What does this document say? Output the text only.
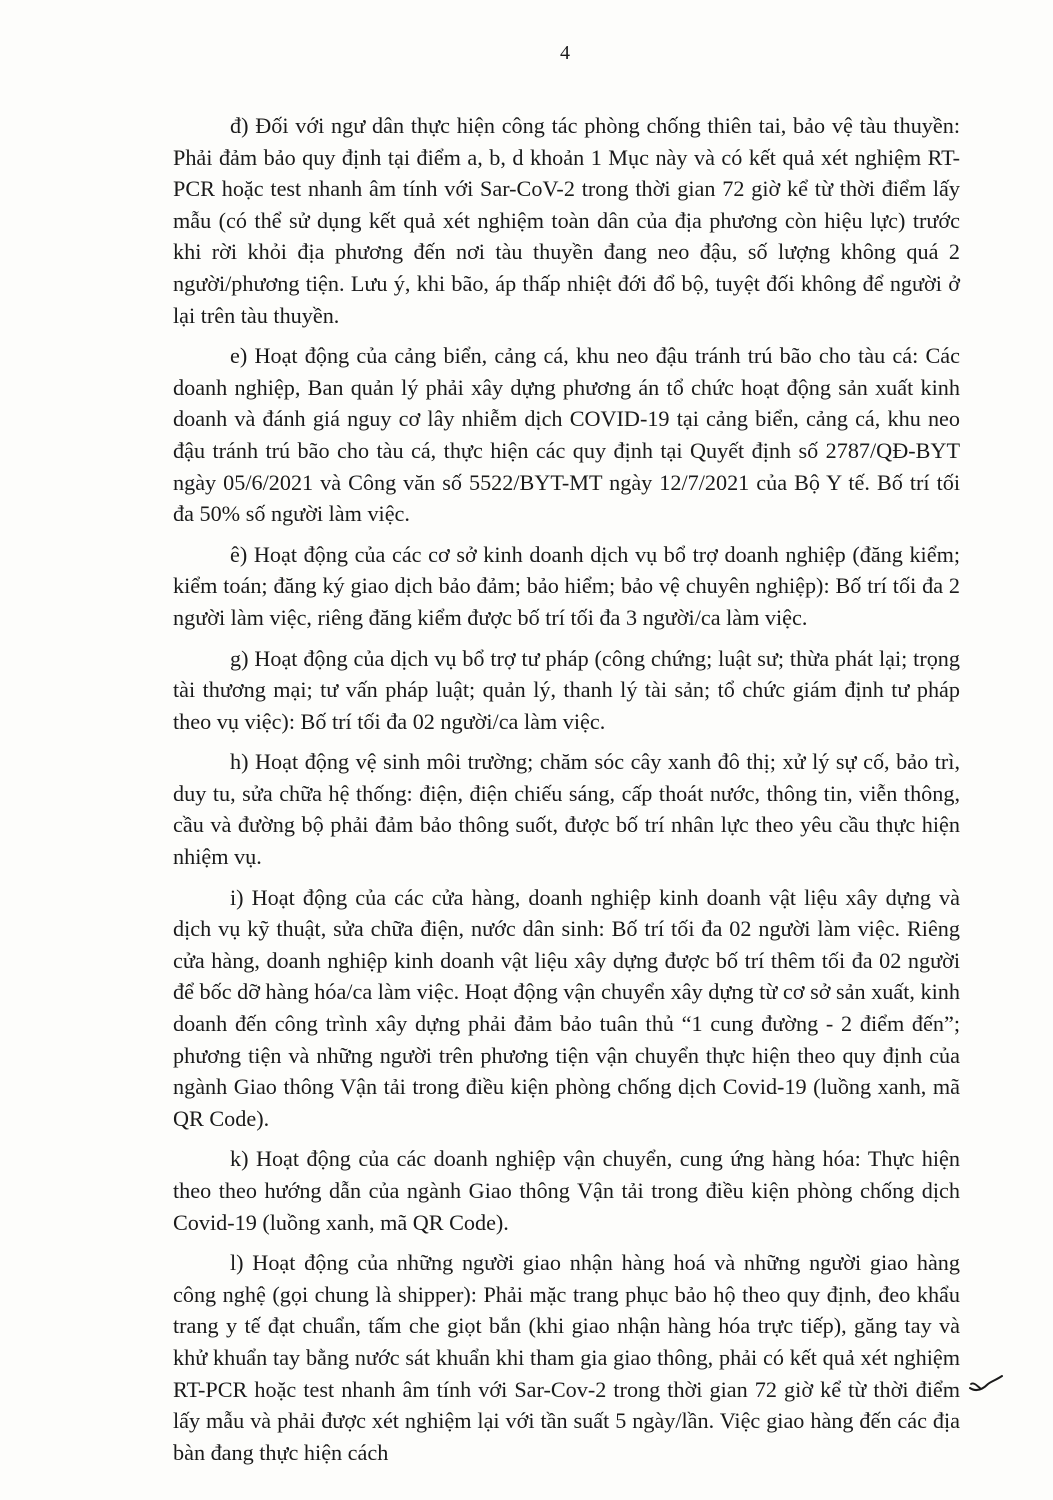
4

đ) Đối với ngư dân thực hiện công tác phòng chống thiên tai, bảo vệ tàu thuyền: Phải đảm bảo quy định tại điểm a, b, d khoản 1 Mục này và có kết quả xét nghiệm RT-PCR hoặc test nhanh âm tính với Sar-CoV-2 trong thời gian 72 giờ kể từ thời điểm lấy mẫu (có thể sử dụng kết quả xét nghiệm toàn dân của địa phương còn hiệu lực) trước khi rời khỏi địa phương đến nơi tàu thuyền đang neo đậu, số lượng không quá 2 người/phương tiện. Lưu ý, khi bão, áp thấp nhiệt đới đổ bộ, tuyệt đối không để người ở lại trên tàu thuyền.

e) Hoạt động của cảng biển, cảng cá, khu neo đậu tránh trú bão cho tàu cá: Các doanh nghiệp, Ban quản lý phải xây dựng phương án tổ chức hoạt động sản xuất kinh doanh và đánh giá nguy cơ lây nhiễm dịch COVID-19 tại cảng biển, cảng cá, khu neo đậu tránh trú bão cho tàu cá, thực hiện các quy định tại Quyết định số 2787/QĐ-BYT ngày 05/6/2021 và Công văn số 5522/BYT-MT ngày 12/7/2021 của Bộ Y tế. Bố trí tối đa 50% số người làm việc.

ê) Hoạt động của các cơ sở kinh doanh dịch vụ bổ trợ doanh nghiệp (đăng kiểm; kiểm toán; đăng ký giao dịch bảo đảm; bảo hiểm; bảo vệ chuyên nghiệp): Bố trí tối đa 2 người làm việc, riêng đăng kiểm được bố trí tối đa 3 người/ca làm việc.

g) Hoạt động của dịch vụ bổ trợ tư pháp (công chứng; luật sư; thừa phát lại; trọng tài thương mại; tư vấn pháp luật; quản lý, thanh lý tài sản; tổ chức giám định tư pháp theo vụ việc): Bố trí tối đa 02 người/ca làm việc.

h) Hoạt động vệ sinh môi trường; chăm sóc cây xanh đô thị; xử lý sự cố, bảo trì, duy tu, sửa chữa hệ thống: điện, điện chiếu sáng, cấp thoát nước, thông tin, viễn thông, cầu và đường bộ phải đảm bảo thông suốt, được bố trí nhân lực theo yêu cầu thực hiện nhiệm vụ.

i) Hoạt động của các cửa hàng, doanh nghiệp kinh doanh vật liệu xây dựng và dịch vụ kỹ thuật, sửa chữa điện, nước dân sinh: Bố trí tối đa 02 người làm việc. Riêng cửa hàng, doanh nghiệp kinh doanh vật liệu xây dựng được bố trí thêm tối đa 02 người để bốc dỡ hàng hóa/ca làm việc. Hoạt động vận chuyển xây dựng từ cơ sở sản xuất, kinh doanh đến công trình xây dựng phải đảm bảo tuân thủ “1 cung đường - 2 điểm đến”; phương tiện và những người trên phương tiện vận chuyển thực hiện theo quy định của ngành Giao thông Vận tải trong điều kiện phòng chống dịch Covid-19 (luồng xanh, mã QR Code).

k) Hoạt động của các doanh nghiệp vận chuyển, cung ứng hàng hóa: Thực hiện theo theo hướng dẫn của ngành Giao thông Vận tải trong điều kiện phòng chống dịch Covid-19 (luồng xanh, mã QR Code).

l) Hoạt động của những người giao nhận hàng hoá và những người giao hàng công nghệ (gọi chung là shipper): Phải mặc trang phục bảo hộ theo quy định, đeo khẩu trang y tế đạt chuẩn, tấm che giọt bắn (khi giao nhận hàng hóa trực tiếp), găng tay và khử khuẩn tay bằng nước sát khuẩn khi tham gia giao thông, phải có kết quả xét nghiệm RT-PCR hoặc test nhanh âm tính với Sar-Cov-2 trong thời gian 72 giờ kể từ thời điểm lấy mẫu và phải được xét nghiệm lại với tần suất 5 ngày/lần. Việc giao hàng đến các địa bàn đang thực hiện cách
